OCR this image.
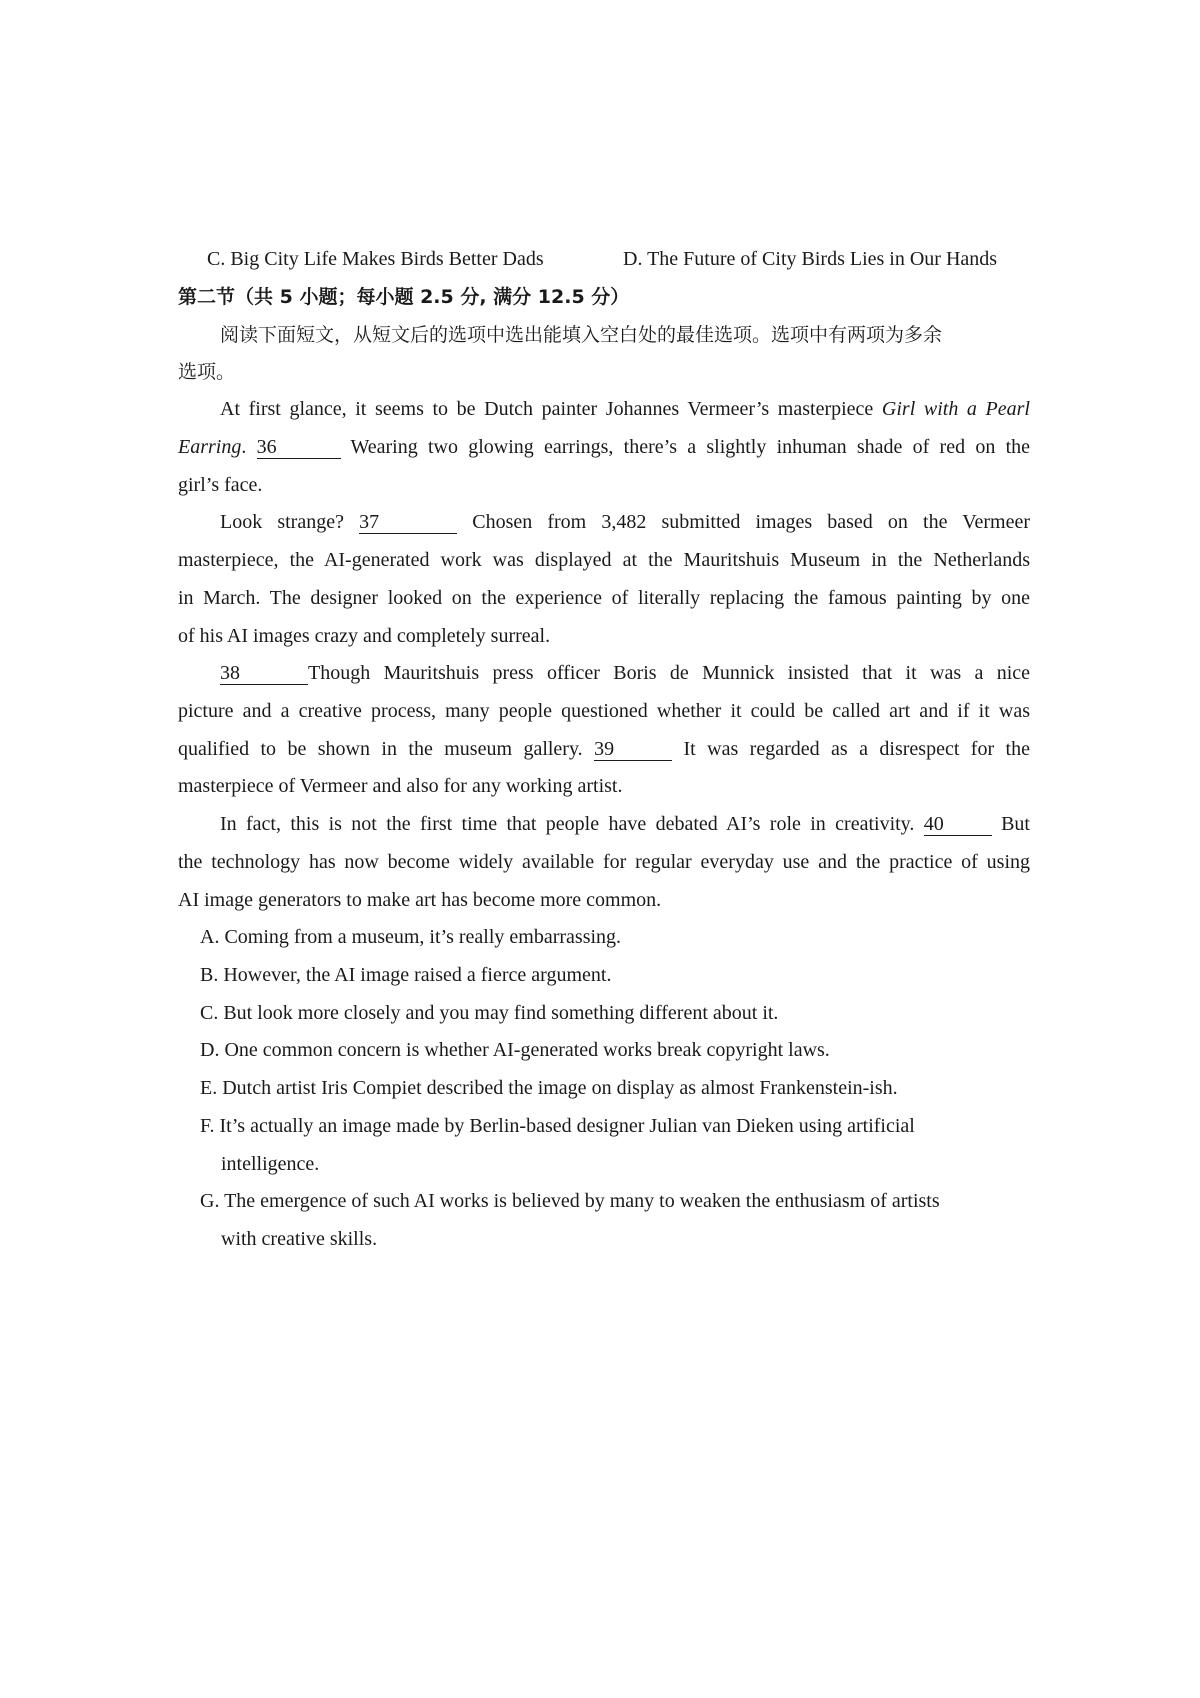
C. Big City Life Makes Birds Better Dads	D. The Future of City Birds Lies in Our Hands
第二节（共 5 小题；每小题 2.5 分, 满分 12.5 分）
阅读下面短文，从短文后的选项中选出能填入空白处的最佳选项。选项中有两项为多余
选项。
At first glance, it seems to be Dutch painter Johannes Vermeer’s masterpiece Girl with a Pearl
Earring. 36	Wearing two glowing earrings, there’s a slightly inhuman shade of red on the
girl’s face.
Look strange? 37	Chosen from 3,482 submitted images based on the Vermeer
masterpiece, the AI-generated work was displayed at the Mauritshuis Museum in the Netherlands
in March. The designer looked on the experience of literally replacing the famous painting by one
of his AI images crazy and completely surreal.
38	Though Mauritshuis press officer Boris de Munnick insisted that it was a nice
picture and a creative process, many people questioned whether it could be called art and if it was
qualified to be shown in the museum gallery. 39	It was regarded as a disrespect for the
masterpiece of Vermeer and also for any working artist.
In fact, this is not the first time that people have debated AI’s role in creativity. 40 But
the technology has now become widely available for regular everyday use and the practice of using
AI image generators to make art has become more common.
A. Coming from a museum, it’s really embarrassing.
B. However, the AI image raised a fierce argument.
C. But look more closely and you may find something different about it.
D. One common concern is whether AI-generated works break copyright laws.
E. Dutch artist Iris Compiet described the image on display as almost Frankenstein-ish.
F. It’s actually an image made by Berlin-based designer Julian van Dieken using artificial
intelligence.
G. The emergence of such AI works is believed by many to weaken the enthusiasm of artists
with creative skills.
